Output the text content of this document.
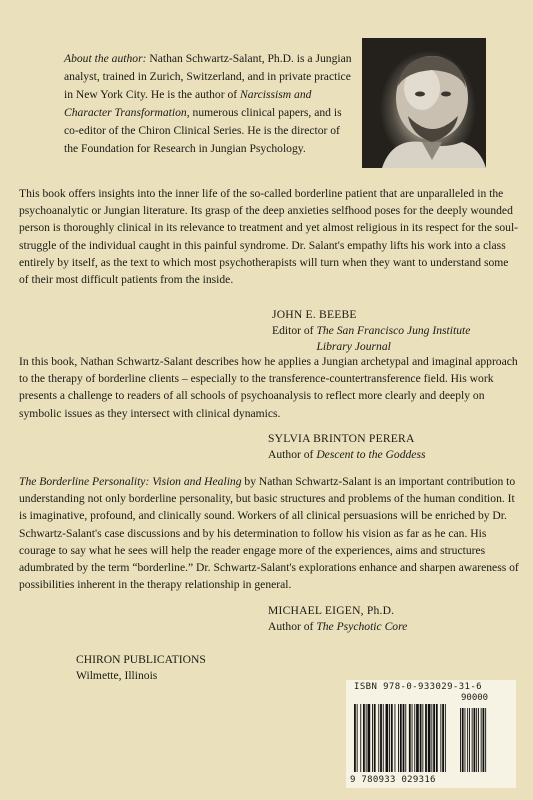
About the author: Nathan Schwartz-Salant, Ph.D. is a Jungian analyst, trained in Zurich, Switzerland, and in private practice in New York City. He is the author of Narcissism and Character Transformation, numerous clinical papers, and is co-editor of the Chiron Clinical Series. He is the director of the Foundation for Research in Jungian Psychology.
This book offers insights into the inner life of the so-called borderline patient that are unparalleled in the psychoanalytic or Jungian literature. Its grasp of the deep anxieties selfhood poses for the deeply wounded person is thoroughly clinical in its relevance to treatment and yet almost religious in its respect for the soul-struggle of the individual caught in this painful syndrome. Dr. Salant's empathy lifts his work into a class entirely by itself, as the text to which most psychotherapists will turn when they want to understand some of their most difficult patients from the inside.
JOHN E. BEEBE
Editor of The San Francisco Jung Institute Library Journal
In this book, Nathan Schwartz-Salant describes how he applies a Jungian archetypal and imaginal approach to the therapy of borderline clients – especially to the transference-countertransference field. His work presents a challenge to readers of all schools of psychoanalysis to reflect more clearly and deeply on symbolic issues as they intersect with clinical dynamics.
SYLVIA BRINTON PERERA
Author of Descent to the Goddess
The Borderline Personality: Vision and Healing by Nathan Schwartz-Salant is an important contribution to understanding not only borderline personality, but basic structures and problems of the human condition. It is imaginative, profound, and clinically sound. Workers of all clinical persuasions will be enriched by Dr. Schwartz-Salant's case discussions and by his determination to follow his vision as far as he can. His courage to say what he sees will help the reader engage more of the experiences, aims and structures adumbrated by the term “borderline.” Dr. Schwartz-Salant's explorations enhance and sharpen awareness of possibilities inherent in the therapy relationship in general.
MICHAEL EIGEN, Ph.D.
Author of The Psychotic Core
CHIRON PUBLICATIONS
Wilmette, Illinois
ISBN 978-0-933029-31-6
90000
9 780933 029316
